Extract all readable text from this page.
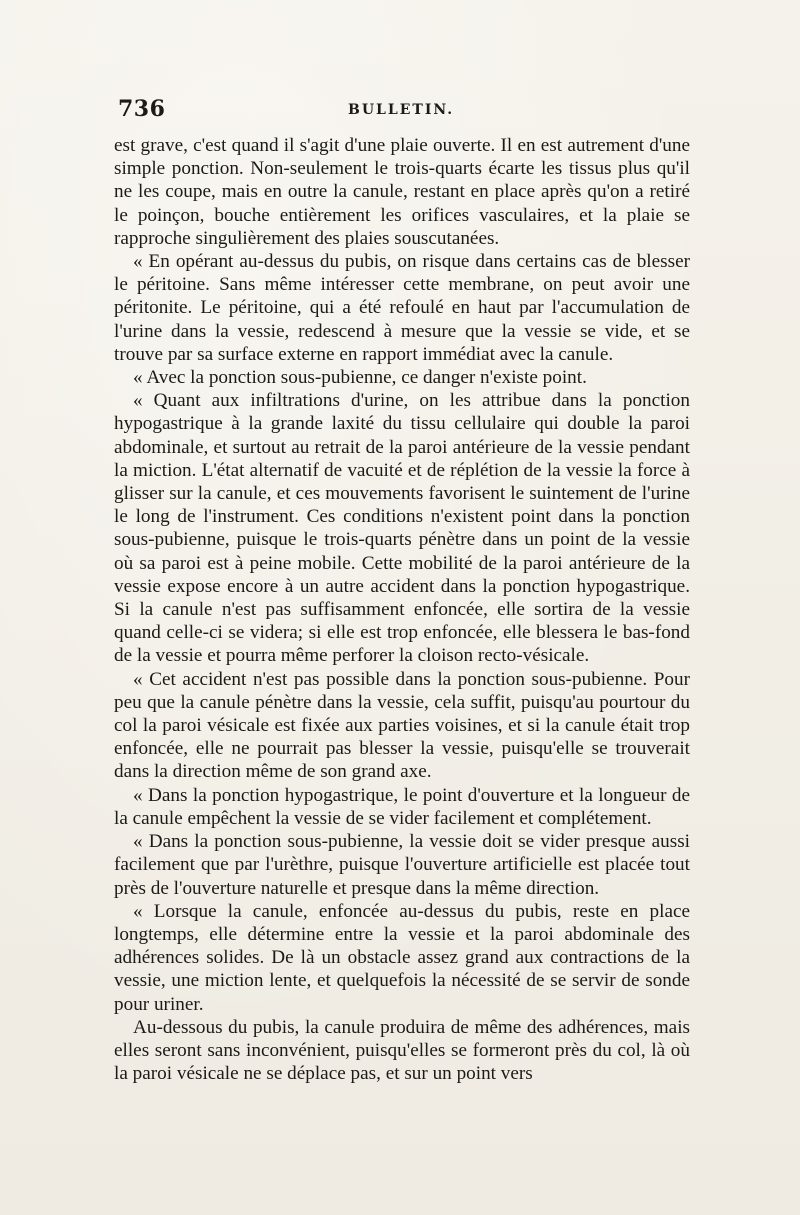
736	BULLETIN.

est grave, c'est quand il s'agit d'une plaie ouverte. Il en est autrement d'une simple ponction. Non-seulement le trois-quarts écarte les tissus plus qu'il ne les coupe, mais en outre la canule, restant en place après qu'on a retiré le poinçon, bouche entièrement les orifices vasculaires, et la plaie se rapproche singulièrement des plaies souscutanées.

« En opérant au-dessus du pubis, on risque dans certains cas de blesser le péritoine. Sans même intéresser cette membrane, on peut avoir une péritonite. Le péritoine, qui a été refoulé en haut par l'accumulation de l'urine dans la vessie, redescend à mesure que la vessie se vide, et se trouve par sa surface externe en rapport immédiat avec la canule.

« Avec la ponction sous-pubienne, ce danger n'existe point.

« Quant aux infiltrations d'urine, on les attribue dans la ponction hypogastrique à la grande laxité du tissu cellulaire qui double la paroi abdominale, et surtout au retrait de la paroi antérieure de la vessie pendant la miction. L'état alternatif de vacuité et de réplétion de la vessie la force à glisser sur la canule, et ces mouvements favorisent le suintement de l'urine le long de l'instrument. Ces conditions n'existent point dans la ponction sous-pubienne, puisque le trois-quarts pénètre dans un point de la vessie où sa paroi est à peine mobile. Cette mobilité de la paroi antérieure de la vessie expose encore à un autre accident dans la ponction hypogastrique. Si la canule n'est pas suffisamment enfoncée, elle sortira de la vessie quand celle-ci se videra; si elle est trop enfoncée, elle blessera le bas-fond de la vessie et pourra même perforer la cloison recto-vésicale.

« Cet accident n'est pas possible dans la ponction sous-pubienne. Pour peu que la canule pénètre dans la vessie, cela suffit, puisqu'au pourtour du col la paroi vésicale est fixée aux parties voisines, et si la canule était trop enfoncée, elle ne pourrait pas blesser la vessie, puisqu'elle se trouverait dans la direction même de son grand axe.

« Dans la ponction hypogastrique, le point d'ouverture et la longueur de la canule empêchent la vessie de se vider facilement et complétement.

« Dans la ponction sous-pubienne, la vessie doit se vider presque aussi facilement que par l'urèthre, puisque l'ouverture artificielle est placée tout près de l'ouverture naturelle et presque dans la même direction.

« Lorsque la canule, enfoncée au-dessus du pubis, reste en place longtemps, elle détermine entre la vessie et la paroi abdominale des adhérences solides. De là un obstacle assez grand aux contractions de la vessie, une miction lente, et quelquefois la nécessité de se servir de sonde pour uriner.

Au-dessous du pubis, la canule produira de même des adhérences, mais elles seront sans inconvénient, puisqu'elles se formeront près du col, là où la paroi vésicale ne se déplace pas, et sur un point vers
